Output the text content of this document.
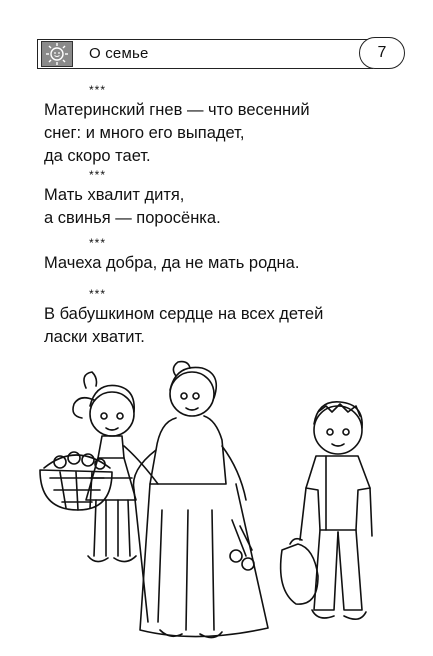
О семье	7
***
Материнский гнев — что весенний
снег: и много его выпадет,
да скоро тает.
***
Мать хвалит дитя,
а свинья — поросёнка.
***
Мачеха добра, да не мать родна.
***
В бабушкином сердце на всех детей
ласки хватит.
